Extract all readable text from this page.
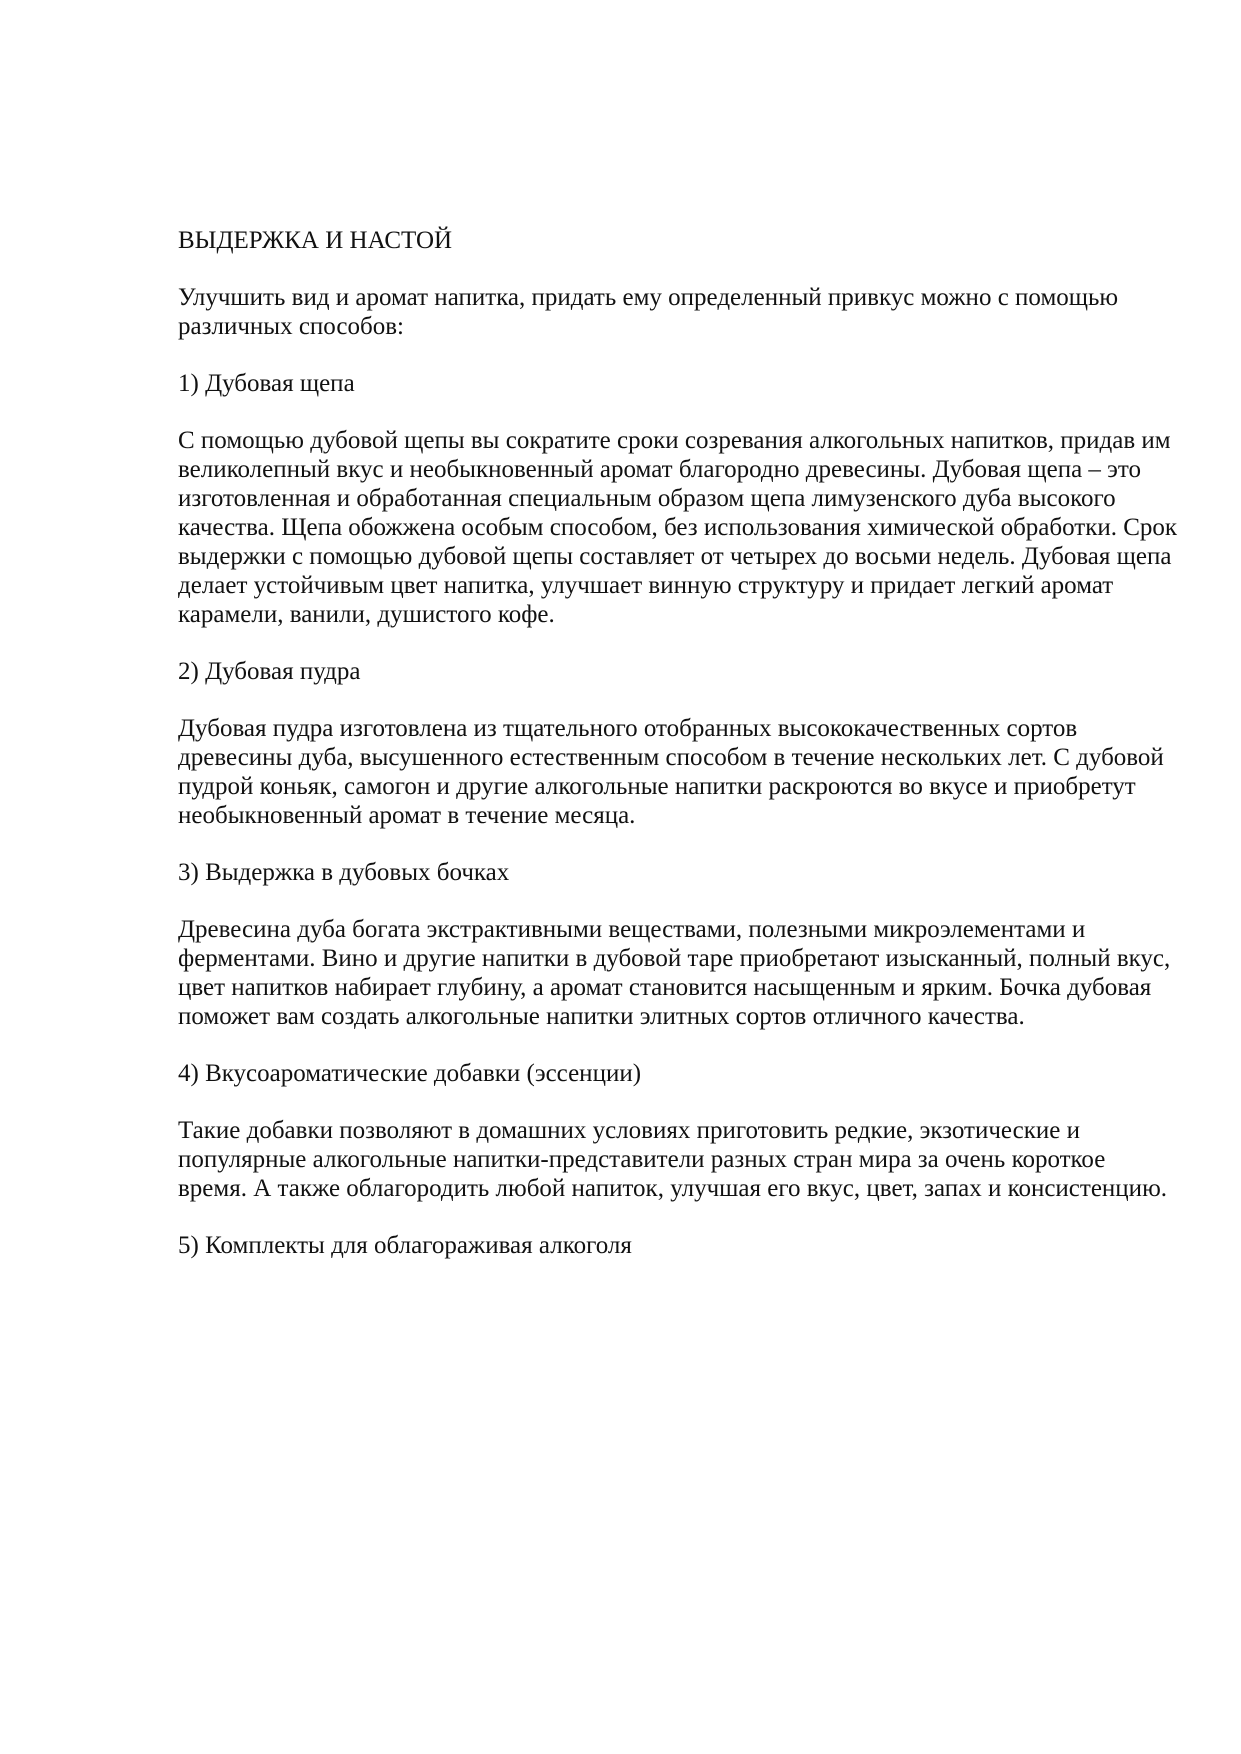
ВЫДЕРЖКА И НАСТОЙ

Улучшить вид и аромат напитка, придать ему определенный привкус можно с помощью различных способов:

1) Дубовая щепа

С помощью дубовой щепы вы сократите сроки созревания алкогольных напитков, придав им великолепный вкус и необыкновенный аромат благородно древесины. Дубовая щепа – это изготовленная и обработанная специальным образом щепа лимузенского дуба высокого качества. Щепа обожжена особым способом, без использования химической обработки. Срок выдержки с помощью дубовой щепы составляет от четырех до восьми недель. Дубовая щепа делает устойчивым цвет напитка, улучшает винную структуру и придает легкий аромат карамели, ванили, душистого кофе.

2) Дубовая пудра

Дубовая пудра изготовлена из тщательного отобранных высококачественных сортов древесины дуба, высушенного естественным способом в течение нескольких лет. С дубовой пудрой коньяк, самогон и другие алкогольные напитки раскроются во вкусе и приобретут необыкновенный аромат в течение месяца.

3) Выдержка в дубовых бочках

Древесина дуба богата экстрактивными веществами, полезными микроэлементами и ферментами. Вино и другие напитки в дубовой таре приобретают изысканный, полный вкус, цвет напитков набирает глубину, а аромат становится насыщенным и ярким. Бочка дубовая поможет вам создать алкогольные напитки элитных сортов отличного качества.

4) Вкусоароматические добавки (эссенции)

Такие добавки позволяют в домашних условиях приготовить редкие, экзотические и популярные алкогольные напитки-представители разных стран мира за очень короткое время. А также облагородить любой напиток, улучшая его вкус, цвет, запах и консистенцию.

5) Комплекты для облагораживая алкоголя
